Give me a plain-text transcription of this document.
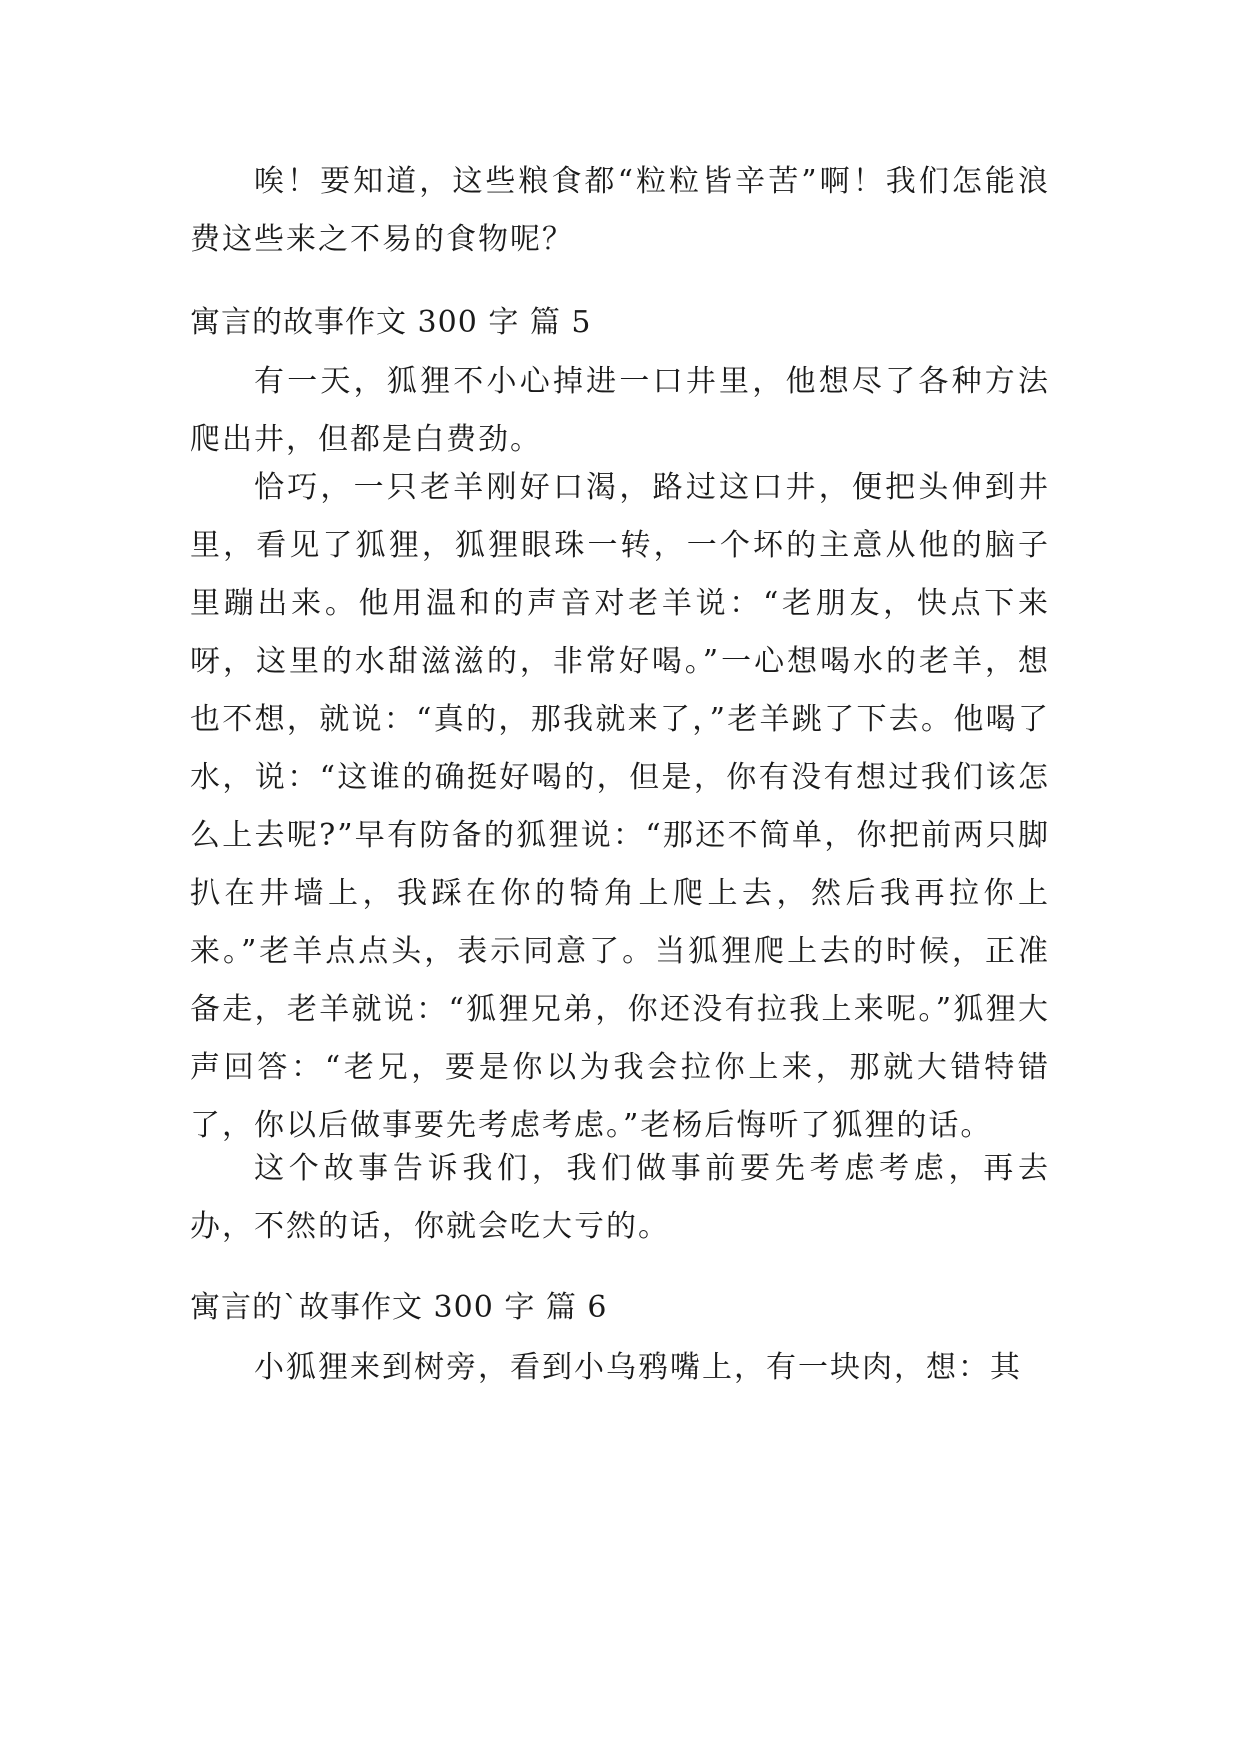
唉！要知道，这些粮食都“粒粒皆辛苦”啊！我们怎能浪费这些来之不易的食物呢？

寓言的故事作文 300 字 篇 5

有一天，狐狸不小心掉进一口井里，他想尽了各种方法爬出井，但都是白费劲。

恰巧，一只老羊刚好口渴，路过这口井，便把头伸到井里，看见了狐狸，狐狸眼珠一转，一个坏的主意从他的脑子里蹦出来。他用温和的声音对老羊说：“老朋友，快点下来呀，这里的水甜滋滋的，非常好喝。”一心想喝水的老羊，想也不想，就说：“真的，那我就来了，”老羊跳了下去。他喝了水，说：“这谁的确挺好喝的，但是，你有没有想过我们该怎么上去呢?”早有防备的狐狸说：“那还不简单，你把前两只脚扒在井墙上，我踩在你的犄角上爬上去，然后我再拉你上来。”老羊点点头，表示同意了。当狐狸爬上去的时候，正准备走，老羊就说：“狐狸兄弟，你还没有拉我上来呢。”狐狸大声回答：“老兄，要是你以为我会拉你上来，那就大错特错了，你以后做事要先考虑考虑。”老杨后悔听了狐狸的话。

这个故事告诉我们，我们做事前要先考虑考虑，再去办，不然的话，你就会吃大亏的。

寓言的`故事作文 300 字 篇 6

小狐狸来到树旁，看到小乌鸦嘴上，有一块肉，想：其
